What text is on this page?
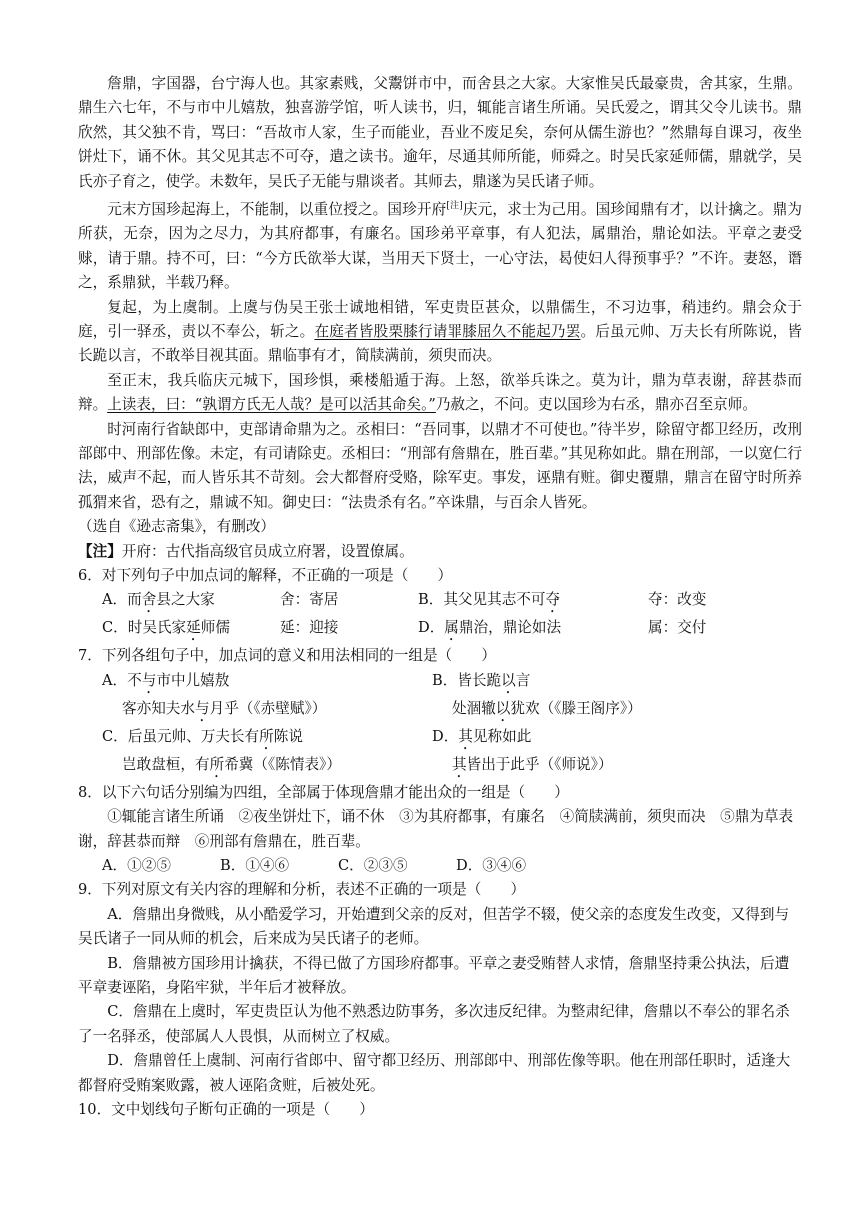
詹鼎，字国器，台宁海人也。其家素贱，父鬻饼市中，而舍县之大家。大家惟吴氏最豪贵，舍其家，生鼎。鼎生六七年，不与市中儿嬉敖，独喜游学馆，听人读书，归，辄能言诸生所诵。吴氏爱之，谓其父令儿读书。鼎欣然，其父独不肯，骂曰：“吾故市人家，生子而能业，吾业不废足矣，奈何从儒生游也？”然鼎每自课习，夜坐饼灶下，诵不休。其父见其志不可夺，遣之读书。逾年，尽通其师所能，师舜之。时吴氏家延师儒，鼎就学，吴氏亦子育之，使学。未数年，吴氏子无能与鼎谈者。其师去，鼎遂为吴氏诸子师。

元末方国珍起海上，不能制，以重位授之。国珍开府[注]庆元，求士为己用。国珍闻鼎有才，以计擒之。鼎为所获，无奈，因为之尽力，为其府都事，有廉名。国珍弟平章事，有人犯法，属鼎治，鼎论如法。平章之妻受赇，请于鼎。持不可，曰：“今方氏欲举大谋，当用天下贤士，一心守法，曷使妇人得预事乎？”不许。妻怒，谮之，系鼎狱，半载乃释。

复起，为上虞制。上虞与伪吴王张士诚地相错，军吏贵臣甚众，以鼎儒生，不习边事，稍违约。鼎会众于庭，引一驿丞，责以不奉公，斩之。在庭者皆股栗膝行请罪膝屈久不能起乃罢。后虽元帅、万夫长有所陈说，皆长跪以言，不敢举目视其面。鼎临事有才，简牍满前，须臾而决。

至正末，我兵临庆元城下，国珍惧，乘楼船遁于海。上怒，欲举兵诛之。莫为计，鼎为草表谢，辞甚恭而辩。上读表，曰：“孰谓方氏无人哉？是可以活其命矣。”乃赦之，不问。吏以国珍为右丞，鼎亦召至京师。

时河南行省缺郎中，吏部请命鼎为之。丞相曰：“吾同事，以鼎才不可使也。”待半岁，除留守都卫经历，改刑部郎中、刑部佐像。未定，有司请除吏。丞相曰：“刑部有詹鼎在，胜百辈。”其见称如此。鼎在刑部，一以宽仁行法，威声不起，而人皆乐其不苛刻。会大都督府受赂，除军吏。事发，诬鼎有赃。御史覆鼎，鼎言在留守时所养孤猬来省，恐有之，鼎诚不知。御史曰：“法贵杀有名。”卒诛鼎，与百余人皆死。

（选自《逊志斋集》，有删改）

【注】开府：古代指高级官员成立府署，设置僚属。

6．对下列句子中加点词的解释，不正确的一项是（　　）

A．而舍县之大家	舍：寄居	B．其父见其志不可夺	夺：改变
C．时吴氏家延师儒	延：迎接	D．属鼎治，鼎论如法	属：交付

7．下列各组句子中，加点词的意义和用法相同的一组是（　　）

A．不与市中儿嬉敖	B．皆长跪以言
客亦知夫水与月乎（《赤壁赋》）	处涸辙以犹欢（《滕王阁序》）
C．后虽元帅、万夫长有所陈说	D．其见称如此
岂敢盘桓，有所希冀（《陈情表》）	其皆出于此乎（《师说》）

8．以下六句话分别编为四组，全部属于体现詹鼎才能出众的一组是（　　）

①辄能言诸生所诵　②夜坐饼灶下，诵不休　③为其府都事，有廉名　④简牍满前，须臾而决　⑤鼎为草表谢，辞甚恭而辩　⑥刑部有詹鼎在，胜百辈。

A．①②⑤	B．①④⑥	C．②③⑤	D．③④⑥

9．下列对原文有关内容的理解和分析，表述不正确的一项是（　　）

A．詹鼎出身微贱，从小酷爱学习，开始遭到父亲的反对，但苦学不辍，使父亲的态度发生改变，又得到与吴氏诸子一同从师的机会，后来成为吴氏诸子的老师。

B．詹鼎被方国珍用计擒获，不得已做了方国珍府都事。平章之妻受贿替人求情，詹鼎坚持秉公执法，后遭平章妻诬陷，身陷牢狱，半年后才被释放。

C．詹鼎在上虞时，军吏贵臣认为他不熟悉边防事务，多次违反纪律。为整肃纪律，詹鼎以不奉公的罪名杀了一名驿丞，使部属人人畏惧，从而树立了权威。

D．詹鼎曾任上虞制、河南行省郎中、留守都卫经历、刑部郎中、刑部佐像等职。他在刑部任职时，适逢大都督府受贿案败露，被人诬陷贪赃，后被处死。

10．文中划线句子断句正确的一项是（　　）
